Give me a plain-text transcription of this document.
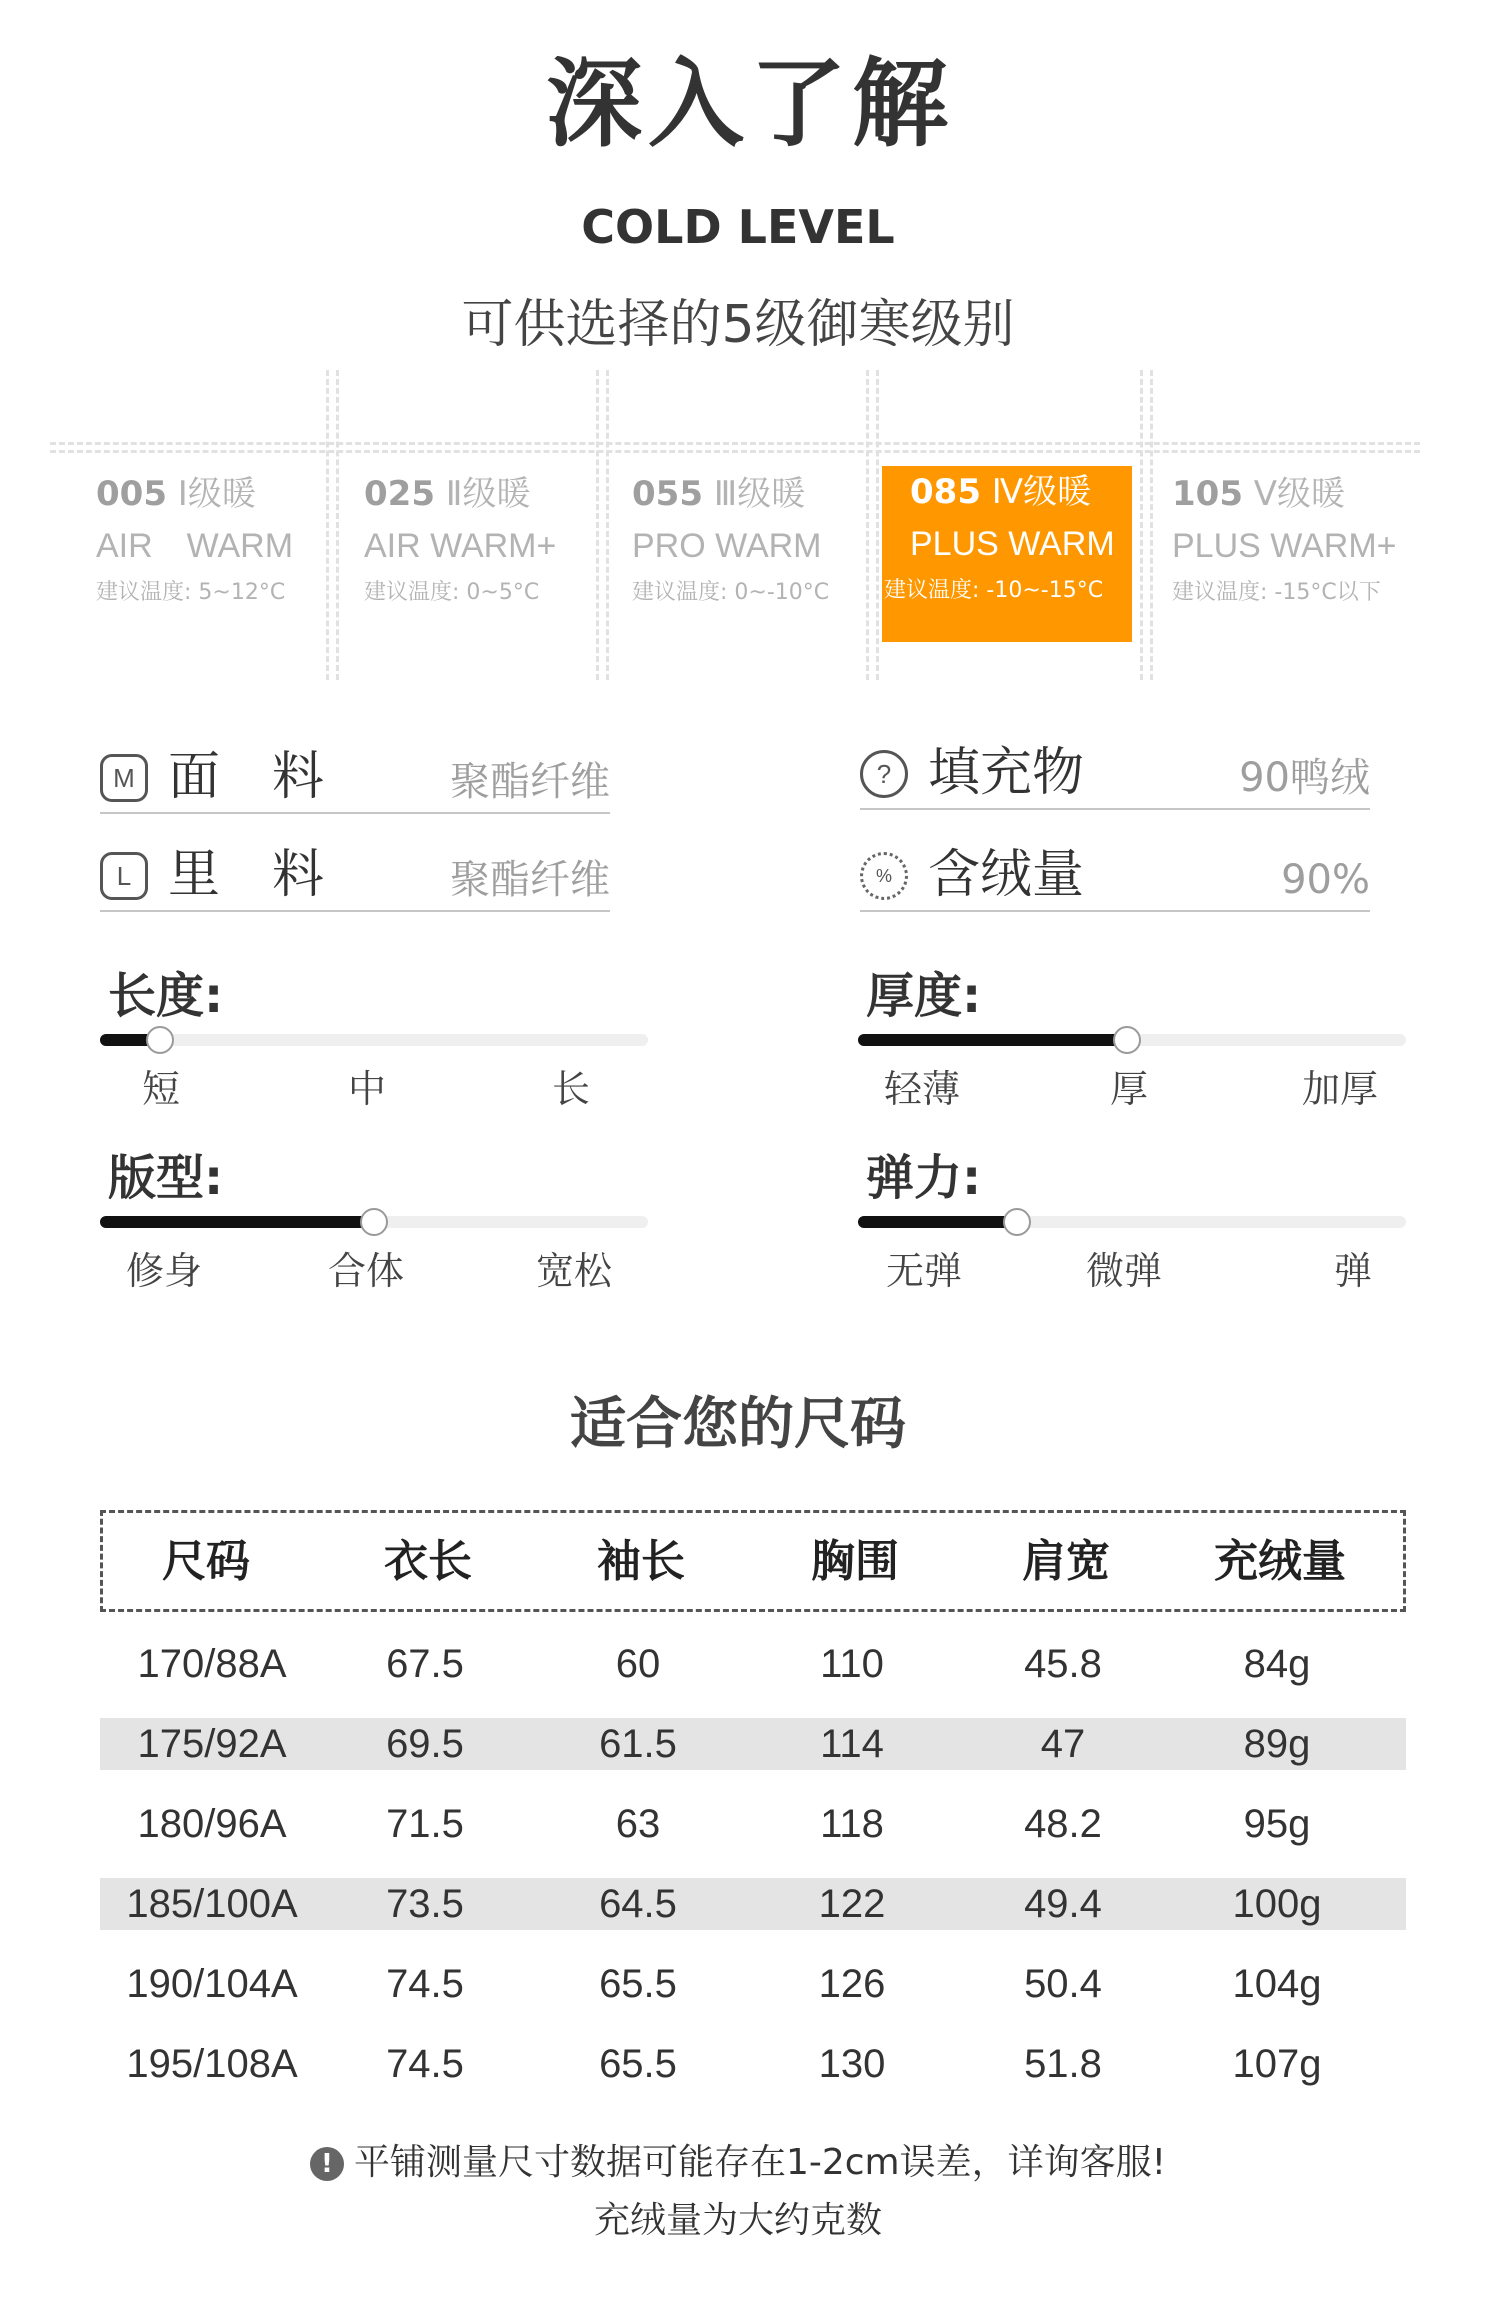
深入了解
COLD LEVEL
可供选择的5级御寒级别
005 Ⅰ级暖
AIR　WARM
建议温度: 5~12°C
025 Ⅱ级暖
AIR WARM+
建议温度: 0~5°C
055 Ⅲ级暖
PRO WARM
建议温度: 0~-10°C
085 Ⅳ级暖
PLUS WARM
建议温度: -10~-15°C
105 Ⅴ级暖
PLUS WARM+
建议温度: -15°C以下
M 面　料	聚酯纤维
L 里　料	聚酯纤维
? 填充物	90鸭绒
% 含绒量	90%
长度:
短	中	长
厚度:
轻薄	厚	加厚
版型:
修身	合体	宽松
弹力:
无弹	微弹	弹
适合您的尺码
尺码	衣长	袖长	胸围	肩宽	充绒量
170/88A	67.5	60	110	45.8	84g
175/92A	69.5	61.5	114	47	89g
180/96A	71.5	63	118	48.2	95g
185/100A	73.5	64.5	122	49.4	100g
190/104A	74.5	65.5	126	50.4	104g
195/108A	74.5	65.5	130	51.8	107g
! 平铺测量尺寸数据可能存在1-2cm误差，详询客服!
充绒量为大约克数
